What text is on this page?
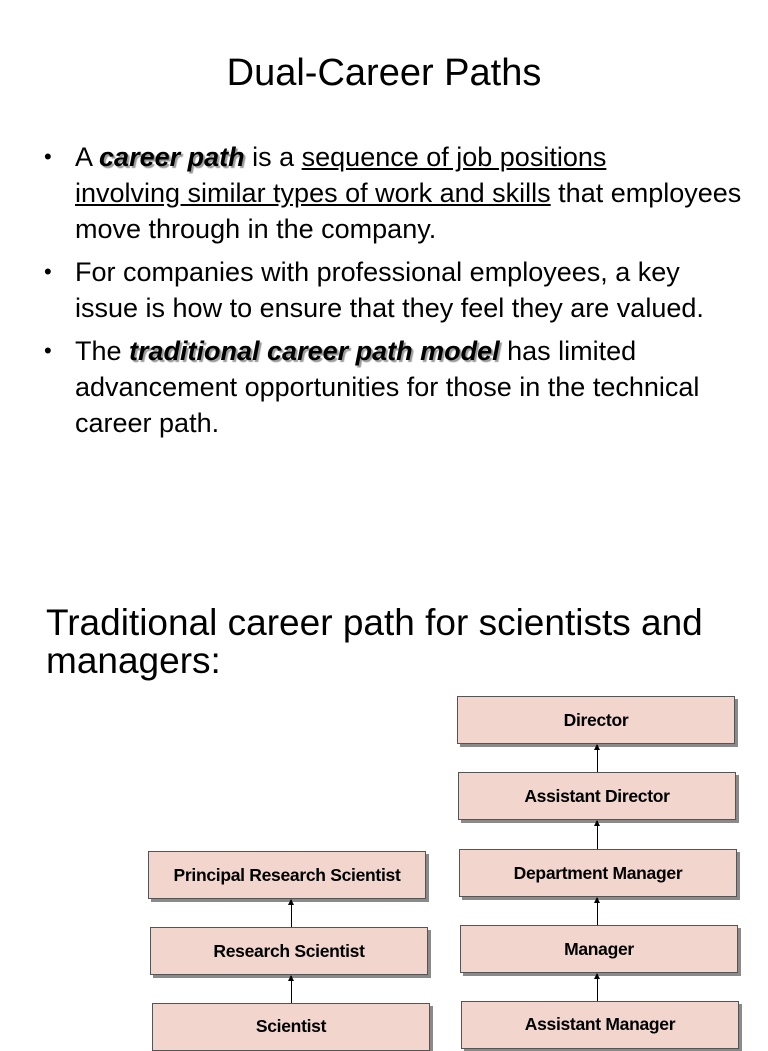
Dual-Career Paths
• A career path is a sequence of job positions
involving similar types of work and skills that employees move through in the company.
• For companies with professional employees, a key issue is how to ensure that they feel they are valued.
• The traditional career path model has limited advancement opportunities for those in the technical career path.
Traditional career path for scientists and managers:
Director
Assistant Director
Department Manager
Manager
Assistant Manager
Principal Research Scientist
Research Scientist
Scientist
